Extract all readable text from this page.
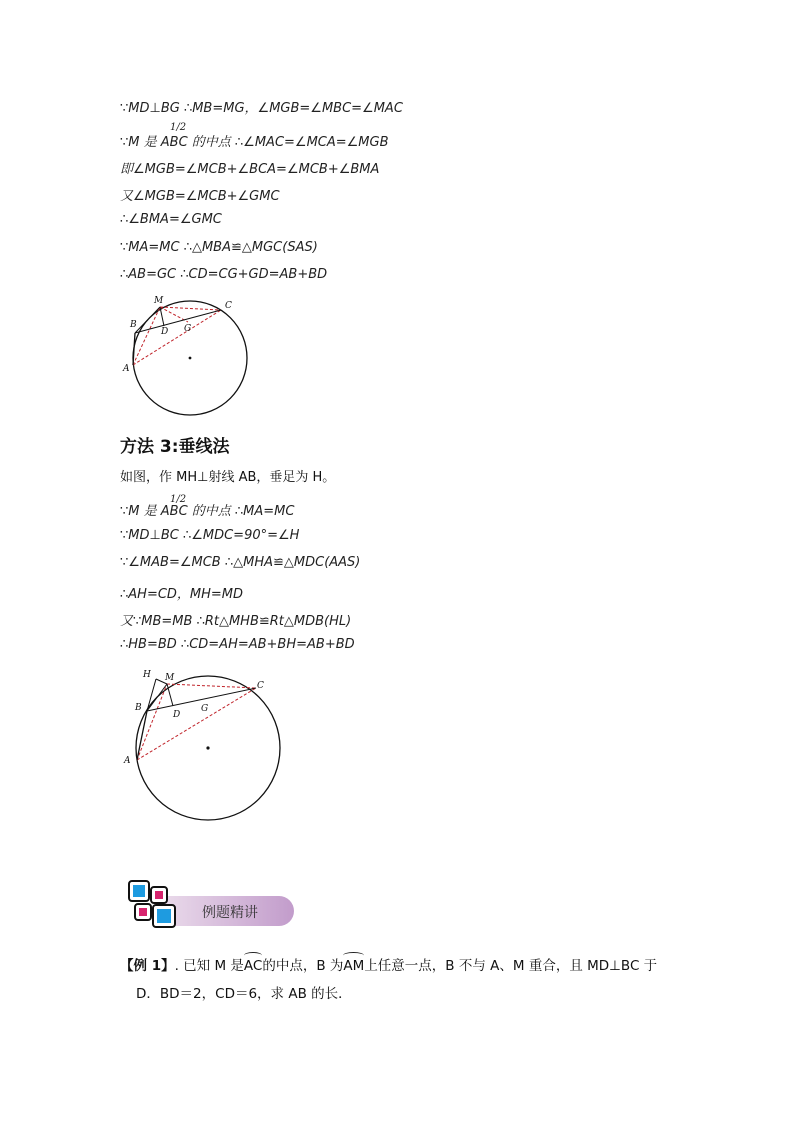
∵MD⊥BG ∴MB=MG，∠MGB=∠MBC=∠MAC
∵M 是 ABC 的中点 ∴∠MAC=∠MCA=∠MGB
即∠MGB=∠MCB+∠BCA=∠MCB+∠BMA
又∠MGB=∠MCB+∠GMC
∴∠BMA=∠GMC
∵MA=MC ∴△MBA≌△MGC(SAS)
∴AB=GC ∴CD=CG+GD=AB+BD
1/2
M	C
B
D G
A
方法 3:垂线法
如图，作 MH⊥射线 AB，垂足为 H。
∵M 是 ABC 的中点 ∴MA=MC
∵MD⊥BC ∴∠MDC=90°=∠H
∵∠MAB=∠MCB ∴△MHA≌△MDC(AAS)
∴AH=CD，MH=MD
又∵MB=MB ∴Rt△MHB≌Rt△MDB(HL)
∴HB=BD ∴CD=AH=AB+BH=AB+BD
1/2
H M
C
B
D
G
A
例题精讲
【例 1】. 已知 M 是AC的中点，B 为AM上任意一点，B 不与 A、M 重合，且 MD⊥BC 于
D．BD＝2，CD＝6，求 AB 的长．
